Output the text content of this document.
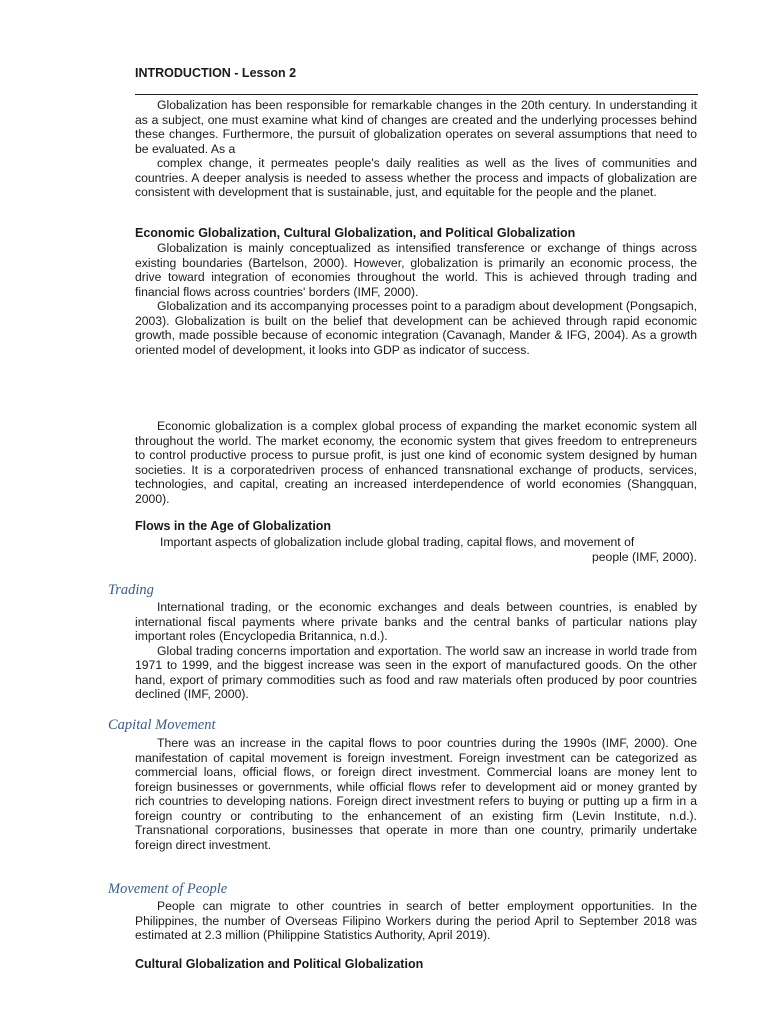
INTRODUCTION - Lesson 2

Globalization has been responsible for remarkable changes in the 20th century. In understanding it as a subject, one must examine what kind of changes are created and the underlying processes behind these changes. Furthermore, the pursuit of globalization operates on several assumptions that need to be evaluated. As a

complex change, it permeates people's daily realities as well as the lives of communities and countries. A deeper analysis is needed to assess whether the process and impacts of globalization are consistent with development that is sustainable, just, and equitable for the people and the planet.

Economic Globalization, Cultural Globalization, and Political Globalization

Globalization is mainly conceptualized as intensified transference or exchange of things across existing boundaries (Bartelson, 2000). However, globalization is primarily an economic process, the drive toward integration of economies throughout the world. This is achieved through trading and financial flows across countries' borders (IMF, 2000).

Globalization and its accompanying processes point to a paradigm about development (Pongsapich, 2003). Globalization is built on the belief that development can be achieved through rapid economic growth, made possible because of economic integration (Cavanagh, Mander & IFG, 2004). As a growth oriented model of development, it looks into GDP as indicator of success.

Economic globalization is a complex global process of expanding the market economic system all throughout the world. The market economy, the economic system that gives freedom to entrepreneurs to control productive process to pursue profit, is just one kind of economic system designed by human societies. It is a corporatedriven process of enhanced transnational exchange of products, services, technologies, and capital, creating an increased interdependence of world economies (Shangquan, 2000).

Flows in the Age of Globalization

Important aspects of globalization include global trading, capital flows, and movement of

people (IMF, 2000).

Trading

International trading, or the economic exchanges and deals between countries, is enabled by international fiscal payments where private banks and the central banks of particular nations play important roles (Encyclopedia Britannica, n.d.).

Global trading concerns importation and exportation. The world saw an increase in world trade from 1971 to 1999, and the biggest increase was seen in the export of manufactured goods. On the other hand, export of primary commodities such as food and raw materials often produced by poor countries declined (IMF, 2000).

Capital Movement

There was an increase in the capital flows to poor countries during the 1990s (IMF, 2000). One manifestation of capital movement is foreign investment. Foreign investment can be categorized as commercial loans, official flows, or foreign direct investment. Commercial loans are money lent to foreign businesses or governments, while official flows refer to development aid or money granted by rich countries to developing nations. Foreign direct investment refers to buying or putting up a firm in a foreign country or contributing to the enhancement of an existing firm (Levin Institute, n.d.). Transnational corporations, businesses that operate in more than one country, primarily undertake foreign direct investment.

Movement of People

People can migrate to other countries in search of better employment opportunities. In the Philippines, the number of Overseas Filipino Workers during the period April to September 2018 was estimated at 2.3 million (Philippine Statistics Authority, April 2019).

Cultural Globalization and Political Globalization
